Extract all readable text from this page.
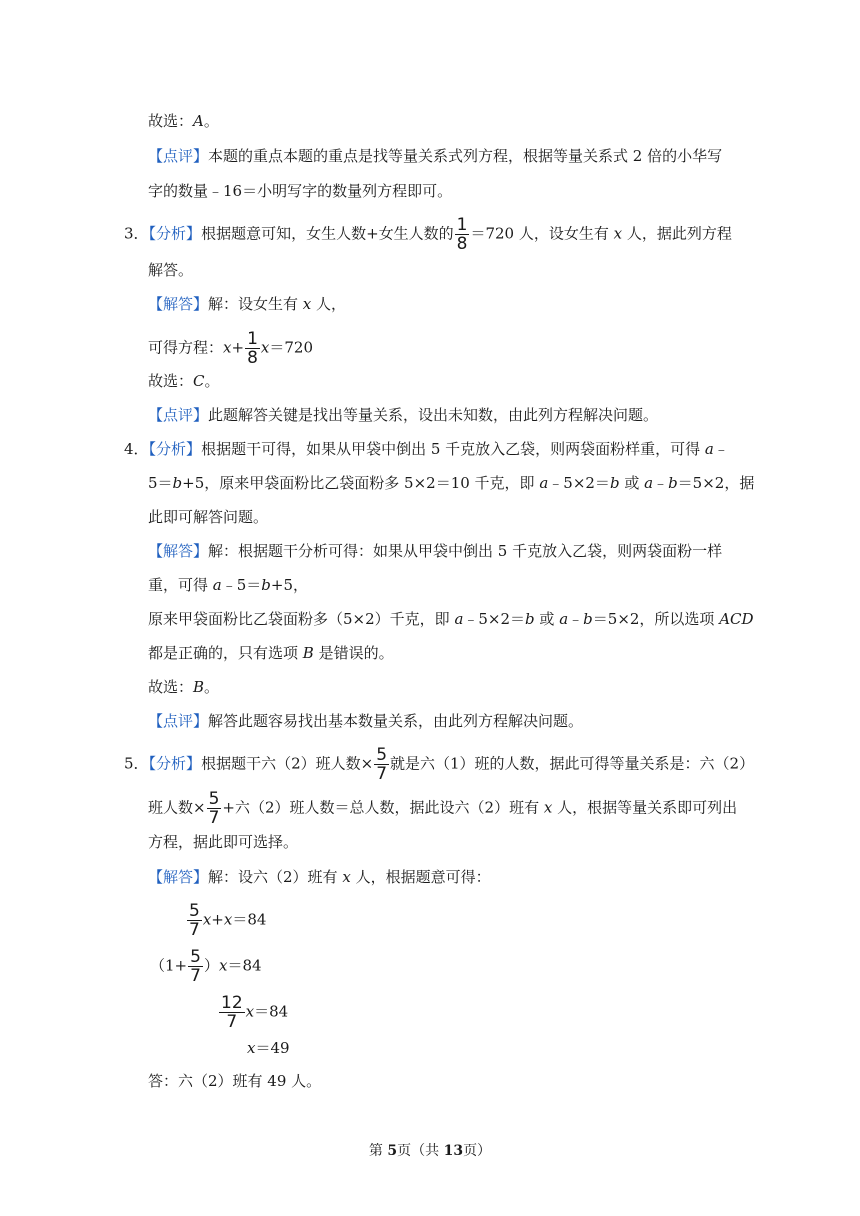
故选：A。
【点评】本题的重点本题的重点是找等量关系式列方程，根据等量关系式 2 倍的小华写
字的数量﹣16＝小明写字的数量列方程即可。
3．【分析】根据题意可知，女生人数+女生人数的 $\frac{1}{8} =720$ 人，设女生有 x 人，据此列方程
解答。
【解答】解：设女生有 x 人，
可得方程：$x+ \frac{1}{8} x=720$
故选：C。
【点评】此题解答关键是找出等量关系，设出未知数，由此列方程解决问题。
4．【分析】根据题干可得，如果从甲袋中倒出 5 千克放入乙袋，则两袋面粉样重，可得 a﹣
5＝b+5，原来甲袋面粉比乙袋面粉多 5×2＝10 千克，即 a﹣5×2＝b 或 a﹣b＝5×2，据
此即可解答问题。
【解答】解：根据题干分析可得：如果从甲袋中倒出 5 千克放入乙袋，则两袋面粉一样
重，可得 a﹣5＝b+5，
原来甲袋面粉比乙袋面粉多（5×2）千克，即 a﹣5×2＝b 或 a﹣b＝5×2，所以选项 ACD
都是正确的，只有选项 B 是错误的。
故选：B。
【点评】解答此题容易找出基本数量关系，由此列方程解决问题。
5．【分析】根据题干六（2）班人数× $\frac{5}{7}$ 就是六（1）班的人数，据此可得等量关系是：六（2）
班人数× $\frac{5}{7}$ +六（2）班人数＝总人数，据此设六（2）班有 x 人，根据等量关系即可列出
方程，据此即可选择。
【解答】解：设六（2）班有 x 人，根据题意可得：
$\frac{5}{7} x+x=84$
$(1+ \frac{5}{7} )x=84$
$\frac{12}{7} x=84$
x＝49
答：六（2）班有 49 人。
第 5页（共 13页）
